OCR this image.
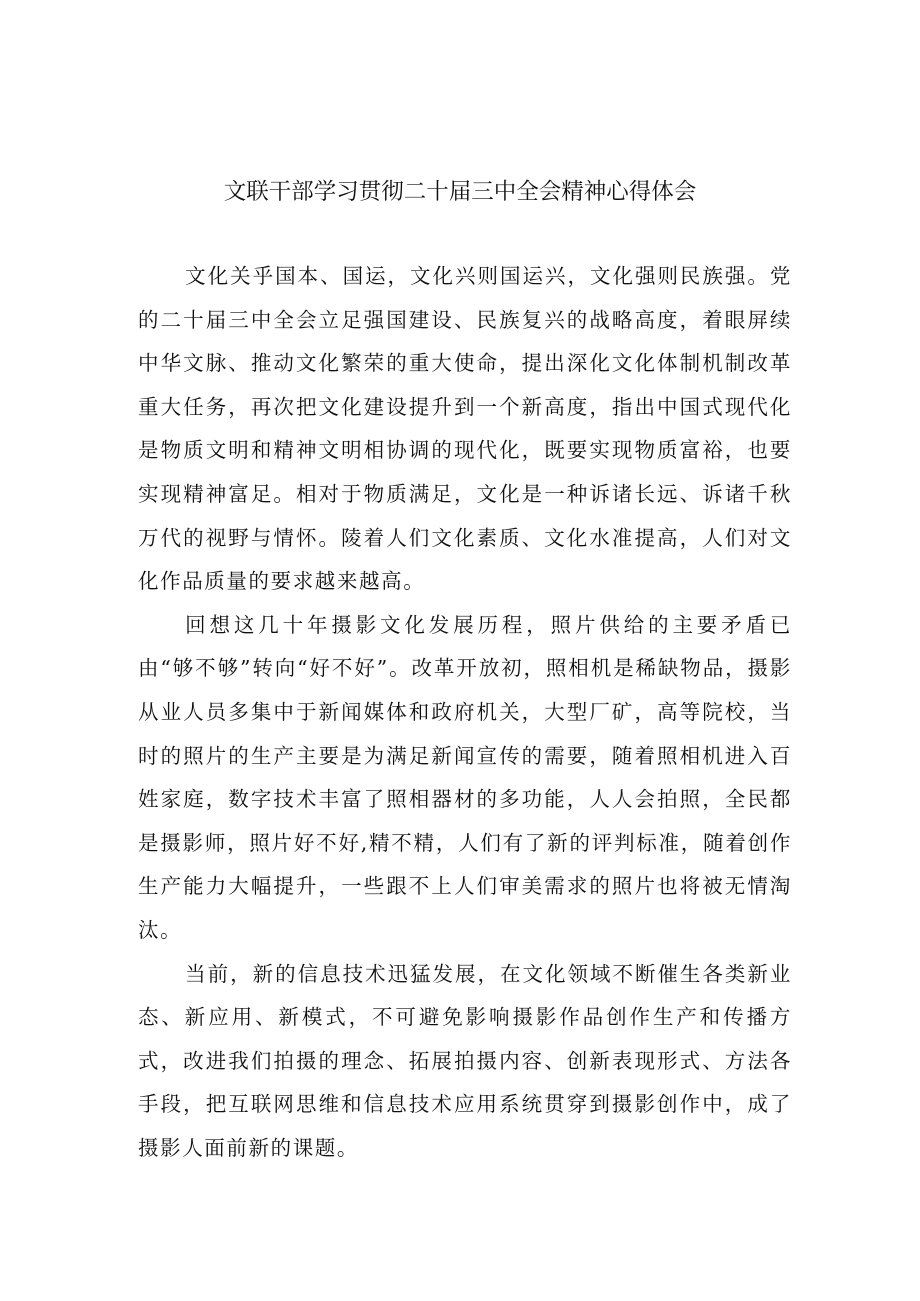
文联干部学习贯彻二十届三中全会精神心得体会

文化关乎国本、国运，文化兴则国运兴，文化强则民族强。党的二十届三中全会立足强国建设、民族复兴的战略高度，着眼屏续中华文脉、推动文化繁荣的重大使命，提出深化文化体制机制改革重大任务，再次把文化建设提升到一个新高度，指出中国式现代化是物质文明和精神文明相协调的现代化，既要实现物质富裕，也要实现精神富足。相对于物质满足，文化是一种诉诸长远、诉诸千秋万代的视野与情怀。陵着人们文化素质、文化水准提高，人们对文化作品质量的要求越来越高。

回想这几十年摄影文化发展历程，照片供给的主要矛盾已由“够不够”转向“好不好”。改革开放初，照相机是稀缺物品，摄影从业人员多集中于新闻媒体和政府机关，大型厂矿，高等院校，当时的照片的生产主要是为满足新闻宣传的需要，随着照相机进入百姓家庭，数字技术丰富了照相器材的多功能，人人会拍照，全民都是摄影师，照片好不好,精不精，人们有了新的评判标准，随着创作生产能力大幅提升，一些跟不上人们审美需求的照片也将被无情淘汰。

当前，新的信息技术迅猛发展，在文化领域不断催生各类新业态、新应用、新模式，不可避免影响摄影作品创作生产和传播方式，改进我们拍摄的理念、拓展拍摄内容、创新表现形式、方法各手段，把互联网思维和信息技术应用系统贯穿到摄影创作中，成了摄影人面前新的课题。
